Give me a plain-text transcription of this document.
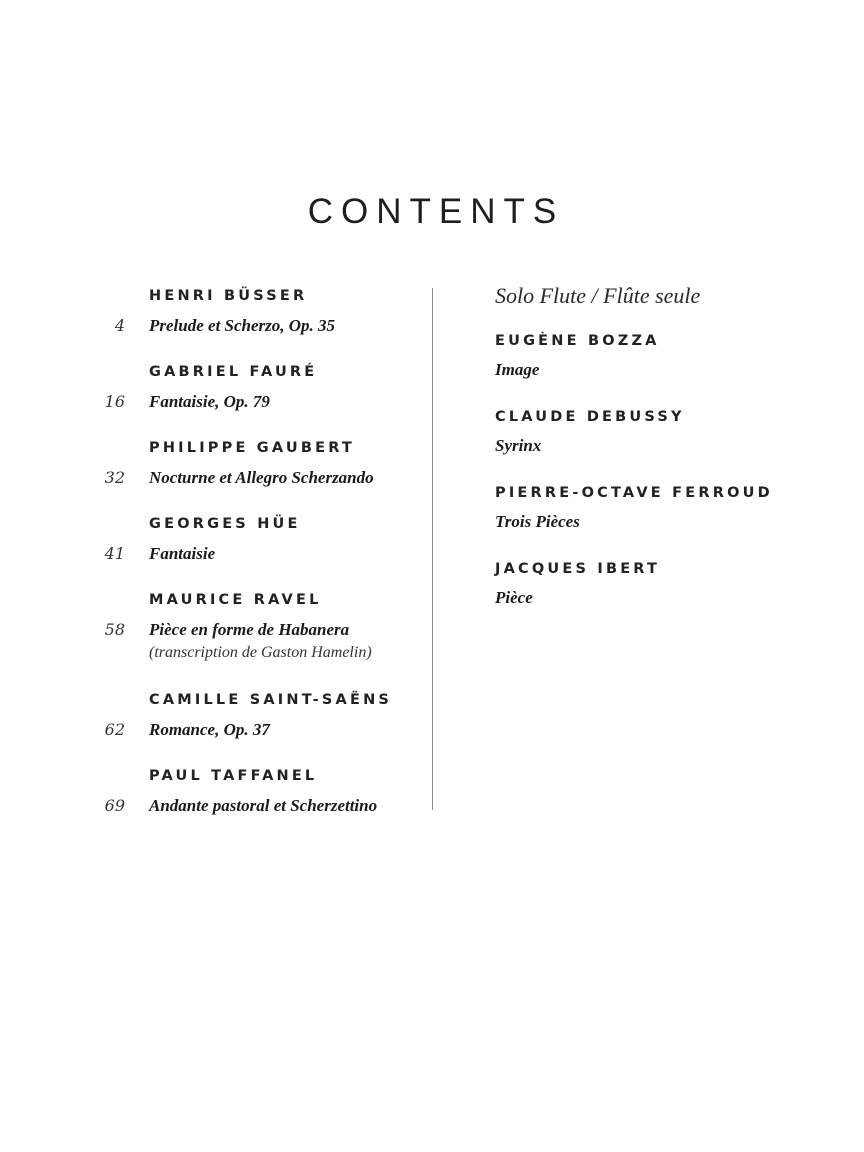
CONTENTS
HENRI BÜSSER
4 Prelude et Scherzo, Op. 35
GABRIEL FAURÉ
16 Fantaisie, Op. 79
PHILIPPE GAUBERT
32 Nocturne et Allegro Scherzando
GEORGES HÜE
41 Fantaisie
MAURICE RAVEL
58 Pièce en forme de Habanera
(transcription de Gaston Hamelin)
CAMILLE SAINT-SAËNS
62 Romance, Op. 37
PAUL TAFFANEL
69 Andante pastoral et Scherzettino
Solo Flute / Flûte seule
EUGÈNE BOZZA
Image
CLAUDE DEBUSSY
Syrinx
PIERRE-OCTAVE FERROUD
Trois Pièces
JACQUES IBERT
Pièce
